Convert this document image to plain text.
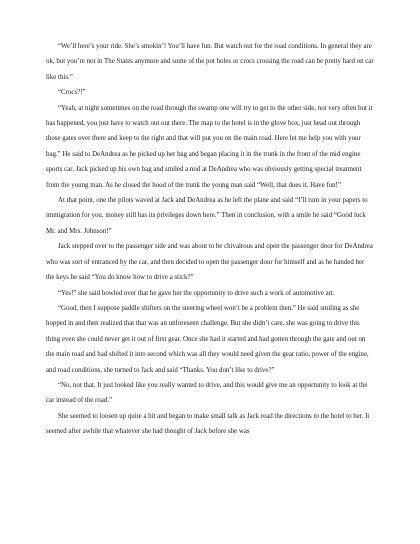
“We’ll here’s your ride. She’s smokin’! You’ll have fun. But watch out for the road conditions. In general they are ok, but you’re not in The States anymore and some of the pot holes or crocs crossing the road can be pretty hard on car like this.”

“Crocs?!”

“Yeah, at night sometimes on the road through the swamp one will try to get to the other side, not very often but it has happened, you just have to watch out out there. The map to the hotel is in the glove box, just head out through those gates over there and keep to the right and that will put you on the main road. Here let me help you with your bag.” He said to DeAndrea as he picked up her bag and began placing it in the trunk in the front of the mid engine sports car. Jack picked up his own bag and smiled a nod at DeAndrea who was obviously getting special treatment from the young man. As he closed the hood of the trunk the young man said “Well, that does it. Have fun!”

At that point, one the pilots waved at Jack and DeAndrea as he left the plane and said “I’ll turn in your papers to immigration for you, money still has its privileges down here.” Then in conclusion, with a smile he said “Good luck Mr. and Mrs. Johnson!”

Jack stepped over to the passenger side and was about to be chivalrous and open the passenger door for DeAndrea who was sort of entranced by the car, and then decided to open the passenger door for himself and as he handed her the keys he said “You do know how to drive a stick?”

“Yes!” she said bowled over that he gave her the opportunity to drive such a work of automotive art.

“Good, then I suppose paddle shifters on the steering wheel won’t be a problem then.” He said smiling as she hopped in and then realized that that was an unforeseen challenge. But she didn’t care, she was going to drive this thing even she could never get it out of first gear. Once she had it started and had gotten through the gate and out on the main road and had shifted it into second which was all they would need given the gear ratio, power of the engine, and road conditions, she turned to Jack and said “Thanks. You don’t like to drive?”

“No, not that. It just looked like you really wanted to drive, and this would give me an opportunity to look at the car instead of the road.”

She seemed to loosen up quite a bit and began to make small talk as Jack read the directions to the hotel to her. It seemed after awhile that whatever she had thought of Jack before she was
